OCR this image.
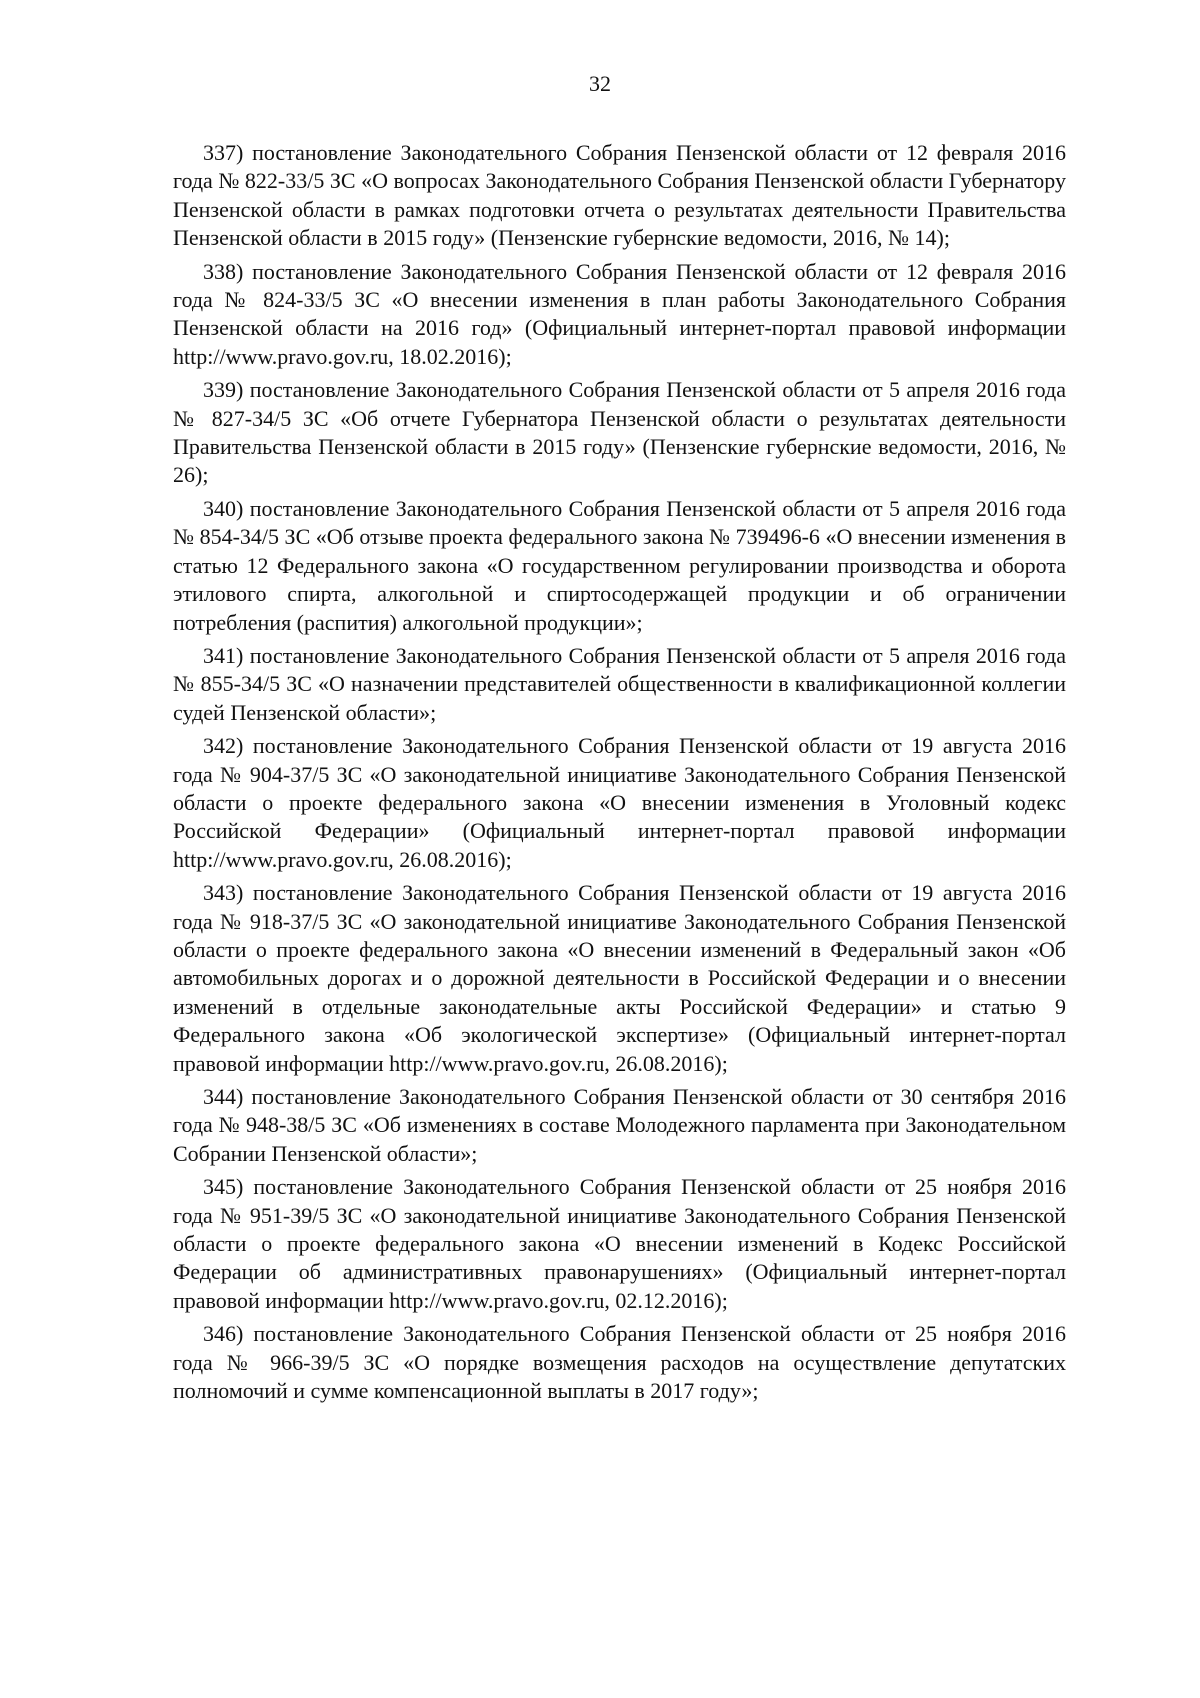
32

337) постановление Законодательного Собрания Пензенской области от 12 февраля 2016 года № 822-33/5 ЗС «О вопросах Законодательного Собрания Пензенской области Губернатору Пензенской области в рамках подготовки отчета о результатах деятельности Правительства Пензенской области в 2015 году» (Пензенские губернские ведомости, 2016, № 14);

338) постановление Законодательного Собрания Пензенской области от 12 февраля 2016 года № 824-33/5 ЗС «О внесении изменения в план работы Законодательного Собрания Пензенской области на 2016 год» (Официальный интернет-портал правовой информации http://www.pravo.gov.ru, 18.02.2016);

339) постановление Законодательного Собрания Пензенской области от 5 апреля 2016 года № 827-34/5 ЗС «Об отчете Губернатора Пензенской области о результатах деятельности Правительства Пензенской области в 2015 году» (Пензенские губернские ведомости, 2016, № 26);

340) постановление Законодательного Собрания Пензенской области от 5 апреля 2016 года № 854-34/5 ЗС «Об отзыве проекта федерального закона № 739496-6 «О внесении изменения в статью 12 Федерального закона «О государственном регулировании производства и оборота этилового спирта, алкогольной и спиртосодержащей продукции и об ограничении потребления (распития) алкогольной продукции»;

341) постановление Законодательного Собрания Пензенской области от 5 апреля 2016 года № 855-34/5 ЗС «О назначении представителей общественности в квалификационной коллегии судей Пензенской области»;

342) постановление Законодательного Собрания Пензенской области от 19 августа 2016 года № 904-37/5 ЗС «О законодательной инициативе Законодательного Собрания Пензенской области о проекте федерального закона «О внесении изменения в Уголовный кодекс Российской Федерации» (Официальный интернет-портал правовой информации http://www.pravo.gov.ru, 26.08.2016);

343) постановление Законодательного Собрания Пензенской области от 19 августа 2016 года № 918-37/5 ЗС «О законодательной инициативе Законодательного Собрания Пензенской области о проекте федерального закона «О внесении изменений в Федеральный закон «Об автомобильных дорогах и о дорожной деятельности в Российской Федерации и о внесении изменений в отдельные законодательные акты Российской Федерации» и статью 9 Федерального закона «Об экологической экспертизе» (Официальный интернет-портал правовой информации http://www.pravo.gov.ru, 26.08.2016);

344) постановление Законодательного Собрания Пензенской области от 30 сентября 2016 года № 948-38/5 ЗС «Об изменениях в составе Молодежного парламента при Законодательном Собрании Пензенской области»;

345) постановление Законодательного Собрания Пензенской области от 25 ноября 2016 года № 951-39/5 ЗС «О законодательной инициативе Законодательного Собрания Пензенской области о проекте федерального закона «О внесении изменений в Кодекс Российской Федерации об административных правонарушениях» (Официальный интернет-портал правовой информации http://www.pravo.gov.ru, 02.12.2016);

346) постановление Законодательного Собрания Пензенской области от 25 ноября 2016 года № 966-39/5 ЗС «О порядке возмещения расходов на осуществление депутатских полномочий и сумме компенсационной выплаты в 2017 году»;
